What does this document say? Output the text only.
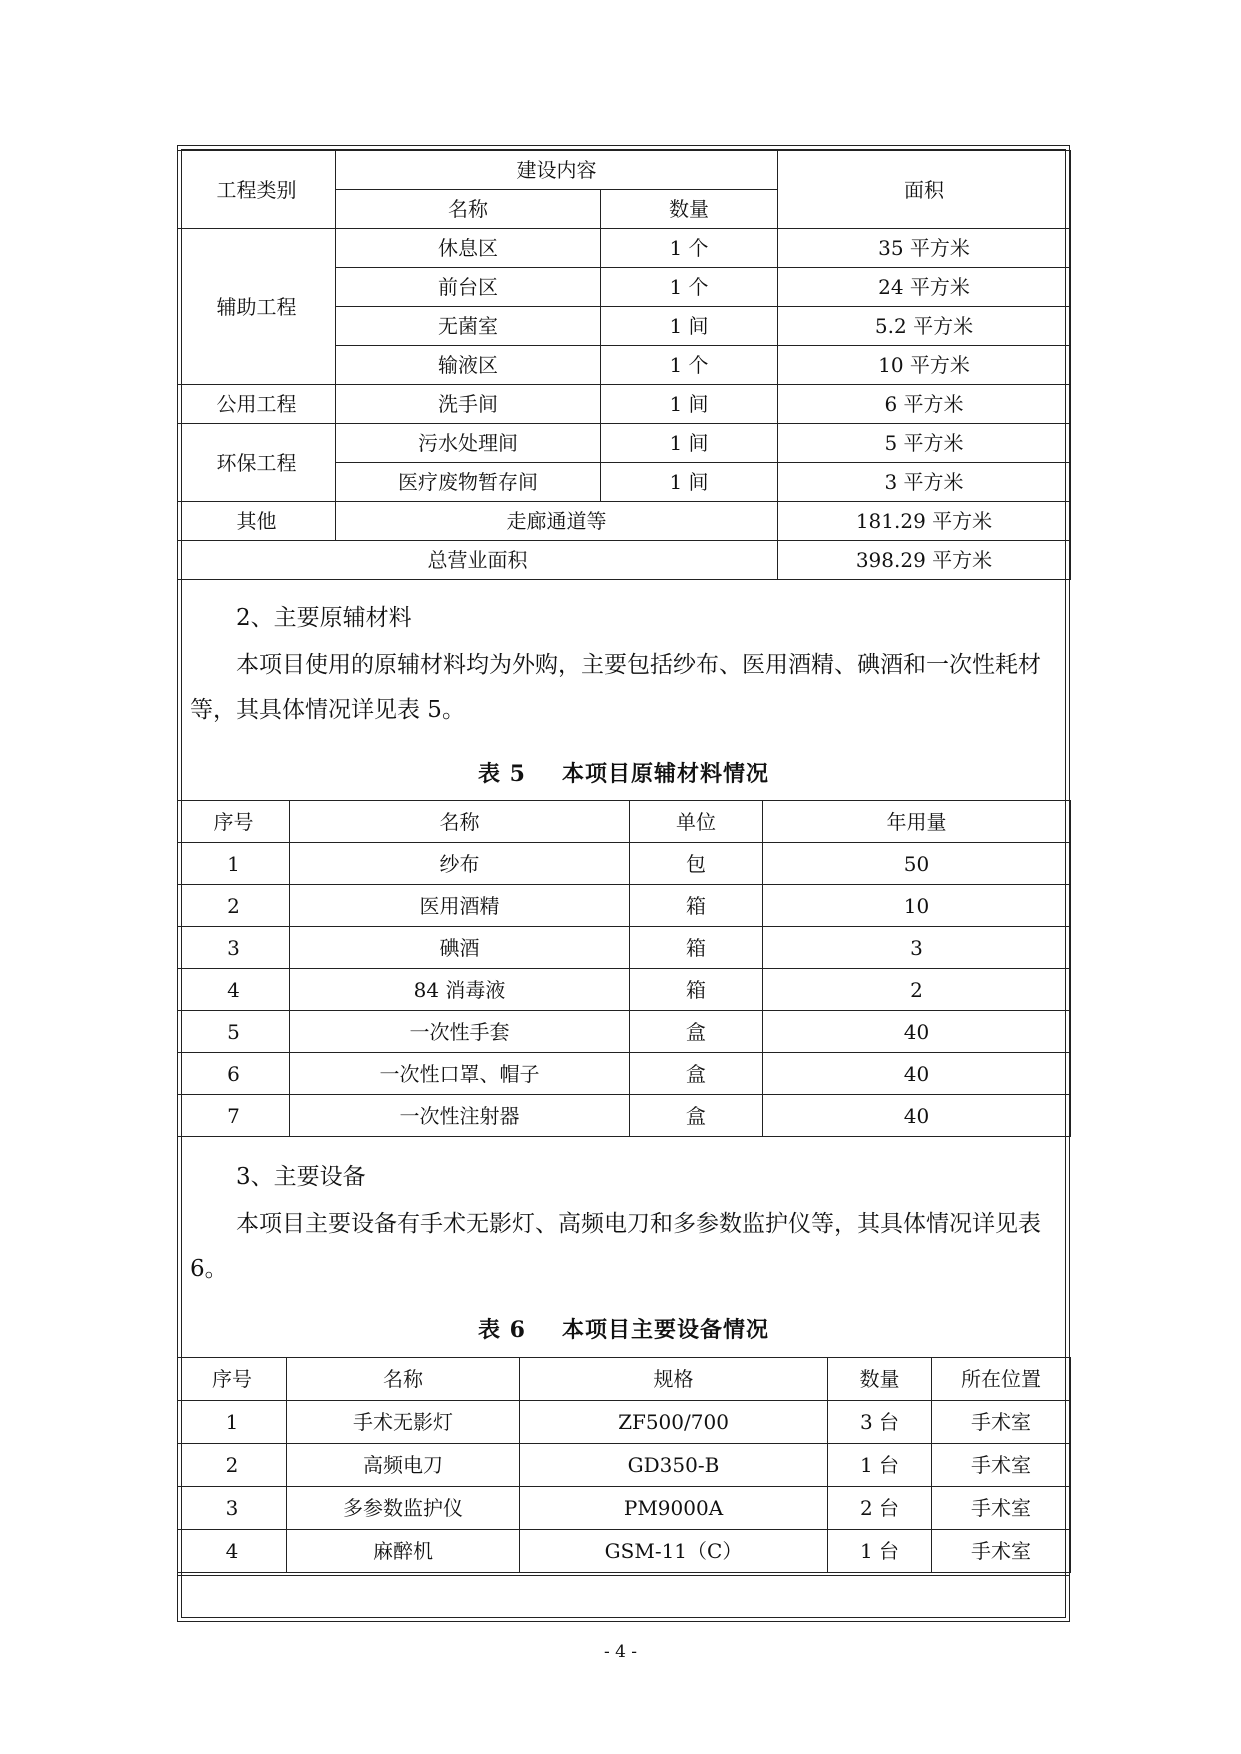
工程类别	建设内容		面积
	名称	数量	
辅助工程	休息区	1 个	35 平方米
	前台区	1 个	24 平方米
	无菌室	1 间	5.2 平方米
	输液区	1 个	10 平方米
公用工程	洗手间	1 间	6 平方米
环保工程	污水处理间	1 间	5 平方米
	医疗废物暂存间	1 间	3 平方米
其他	走廊通道等		181.29 平方米
总营业面积			398.29 平方米
2、主要原辅材料
本项目使用的原辅材料均为外购，主要包括纱布、医用酒精、碘酒和一次性耗材等，其具体情况详见表 5。
表 5 本项目原辅材料情况
序号	名称	单位	年用量
1	纱布	包	50
2	医用酒精	箱	10
3	碘酒	箱	3
4	84 消毒液	箱	2
5	一次性手套	盒	40
6	一次性口罩、帽子	盒	40
7	一次性注射器	盒	40
3、主要设备
本项目主要设备有手术无影灯、高频电刀和多参数监护仪等，其具体情况详见表 6。
表 6 本项目主要设备情况
序号	名称	规格	数量	所在位置
1	手术无影灯	ZF500/700	3 台	手术室
2	高频电刀	GD350-B	1 台	手术室
3	多参数监护仪	PM9000A	2 台	手术室
4	麻醉机	GSM-11（C）	1 台	手术室
- 4 -
